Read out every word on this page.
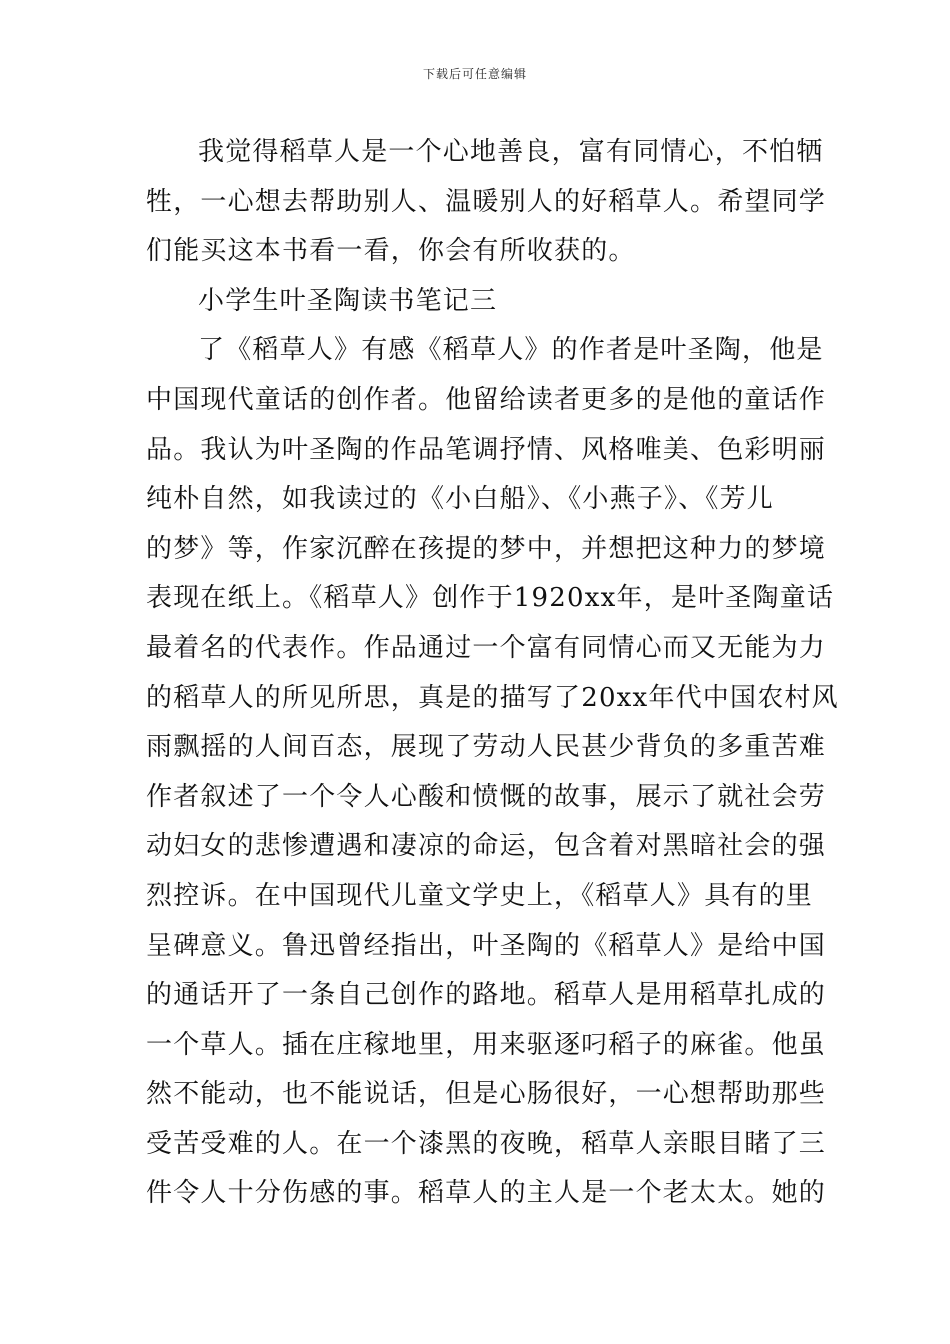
下载后可任意编辑
我觉得稻草人是一个心地善良，富有同情心，不怕牺
牲，一心想去帮助别人、温暖别人的好稻草人。希望同学
们能买这本书看一看，你会有所收获的。
小学生叶圣陶读书笔记三
了《稻草人》有感《稻草人》的作者是叶圣陶，他是
中国现代童话的创作者。他留给读者更多的是他的童话作
品。我认为叶圣陶的作品笔调抒情、风格唯美、色彩明丽
纯朴自然，如我读过的《小白船》、《小燕子》、《芳儿
的梦》等，作家沉醉在孩提的梦中，并想把这种力的梦境
表现在纸上。《稻草人》创作于1920xx年，是叶圣陶童话
最着名的代表作。作品通过一个富有同情心而又无能为力
的稻草人的所见所思，真是的描写了20xx年代中国农村风
雨飘摇的人间百态，展现了劳动人民甚少背负的多重苦难
作者叙述了一个令人心酸和愤慨的故事，展示了就社会劳
动妇女的悲惨遭遇和凄凉的命运，包含着对黑暗社会的强
烈控诉。在中国现代儿童文学史上，《稻草人》具有的里
呈碑意义。鲁迅曾经指出，叶圣陶的《稻草人》是给中国
的通话开了一条自己创作的路地。稻草人是用稻草扎成的
一个草人。插在庄稼地里，用来驱逐叼稻子的麻雀。他虽
然不能动，也不能说话，但是心肠很好，一心想帮助那些
受苦受难的人。在一个漆黑的夜晚，稻草人亲眼目睹了三
件令人十分伤感的事。稻草人的主人是一个老太太。她的
